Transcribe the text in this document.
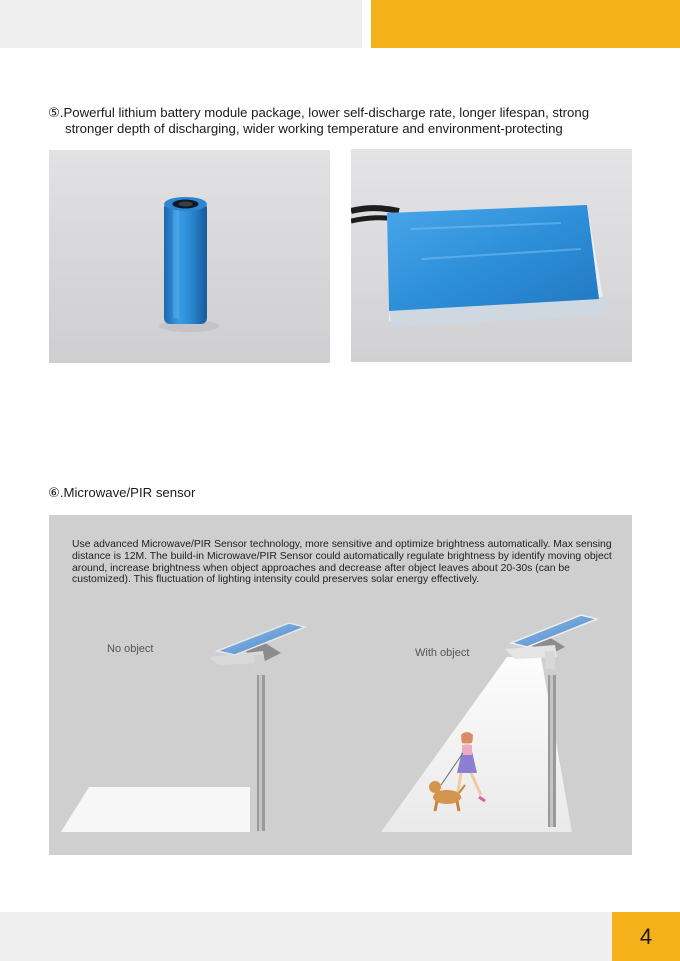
⑤.Powerful lithium battery module package, lower self-discharge rate, longer lifespan, strong
stronger depth of discharging, wider working temperature and environment-protecting
⑥.Microwave/PIR sensor
Use advanced Microwave/PIR Sensor technology, more sensitive and optimize brightness automatically. Max sensing distance is 12M. The build-in Microwave/PIR Sensor could automatically regulate brightness by identify moving object around, increase brightness when object approaches and decrease after object leaves about 20-30s (can be customized). This fluctuation of lighting intensity could preserves solar energy effectively.
No object	With object
4
